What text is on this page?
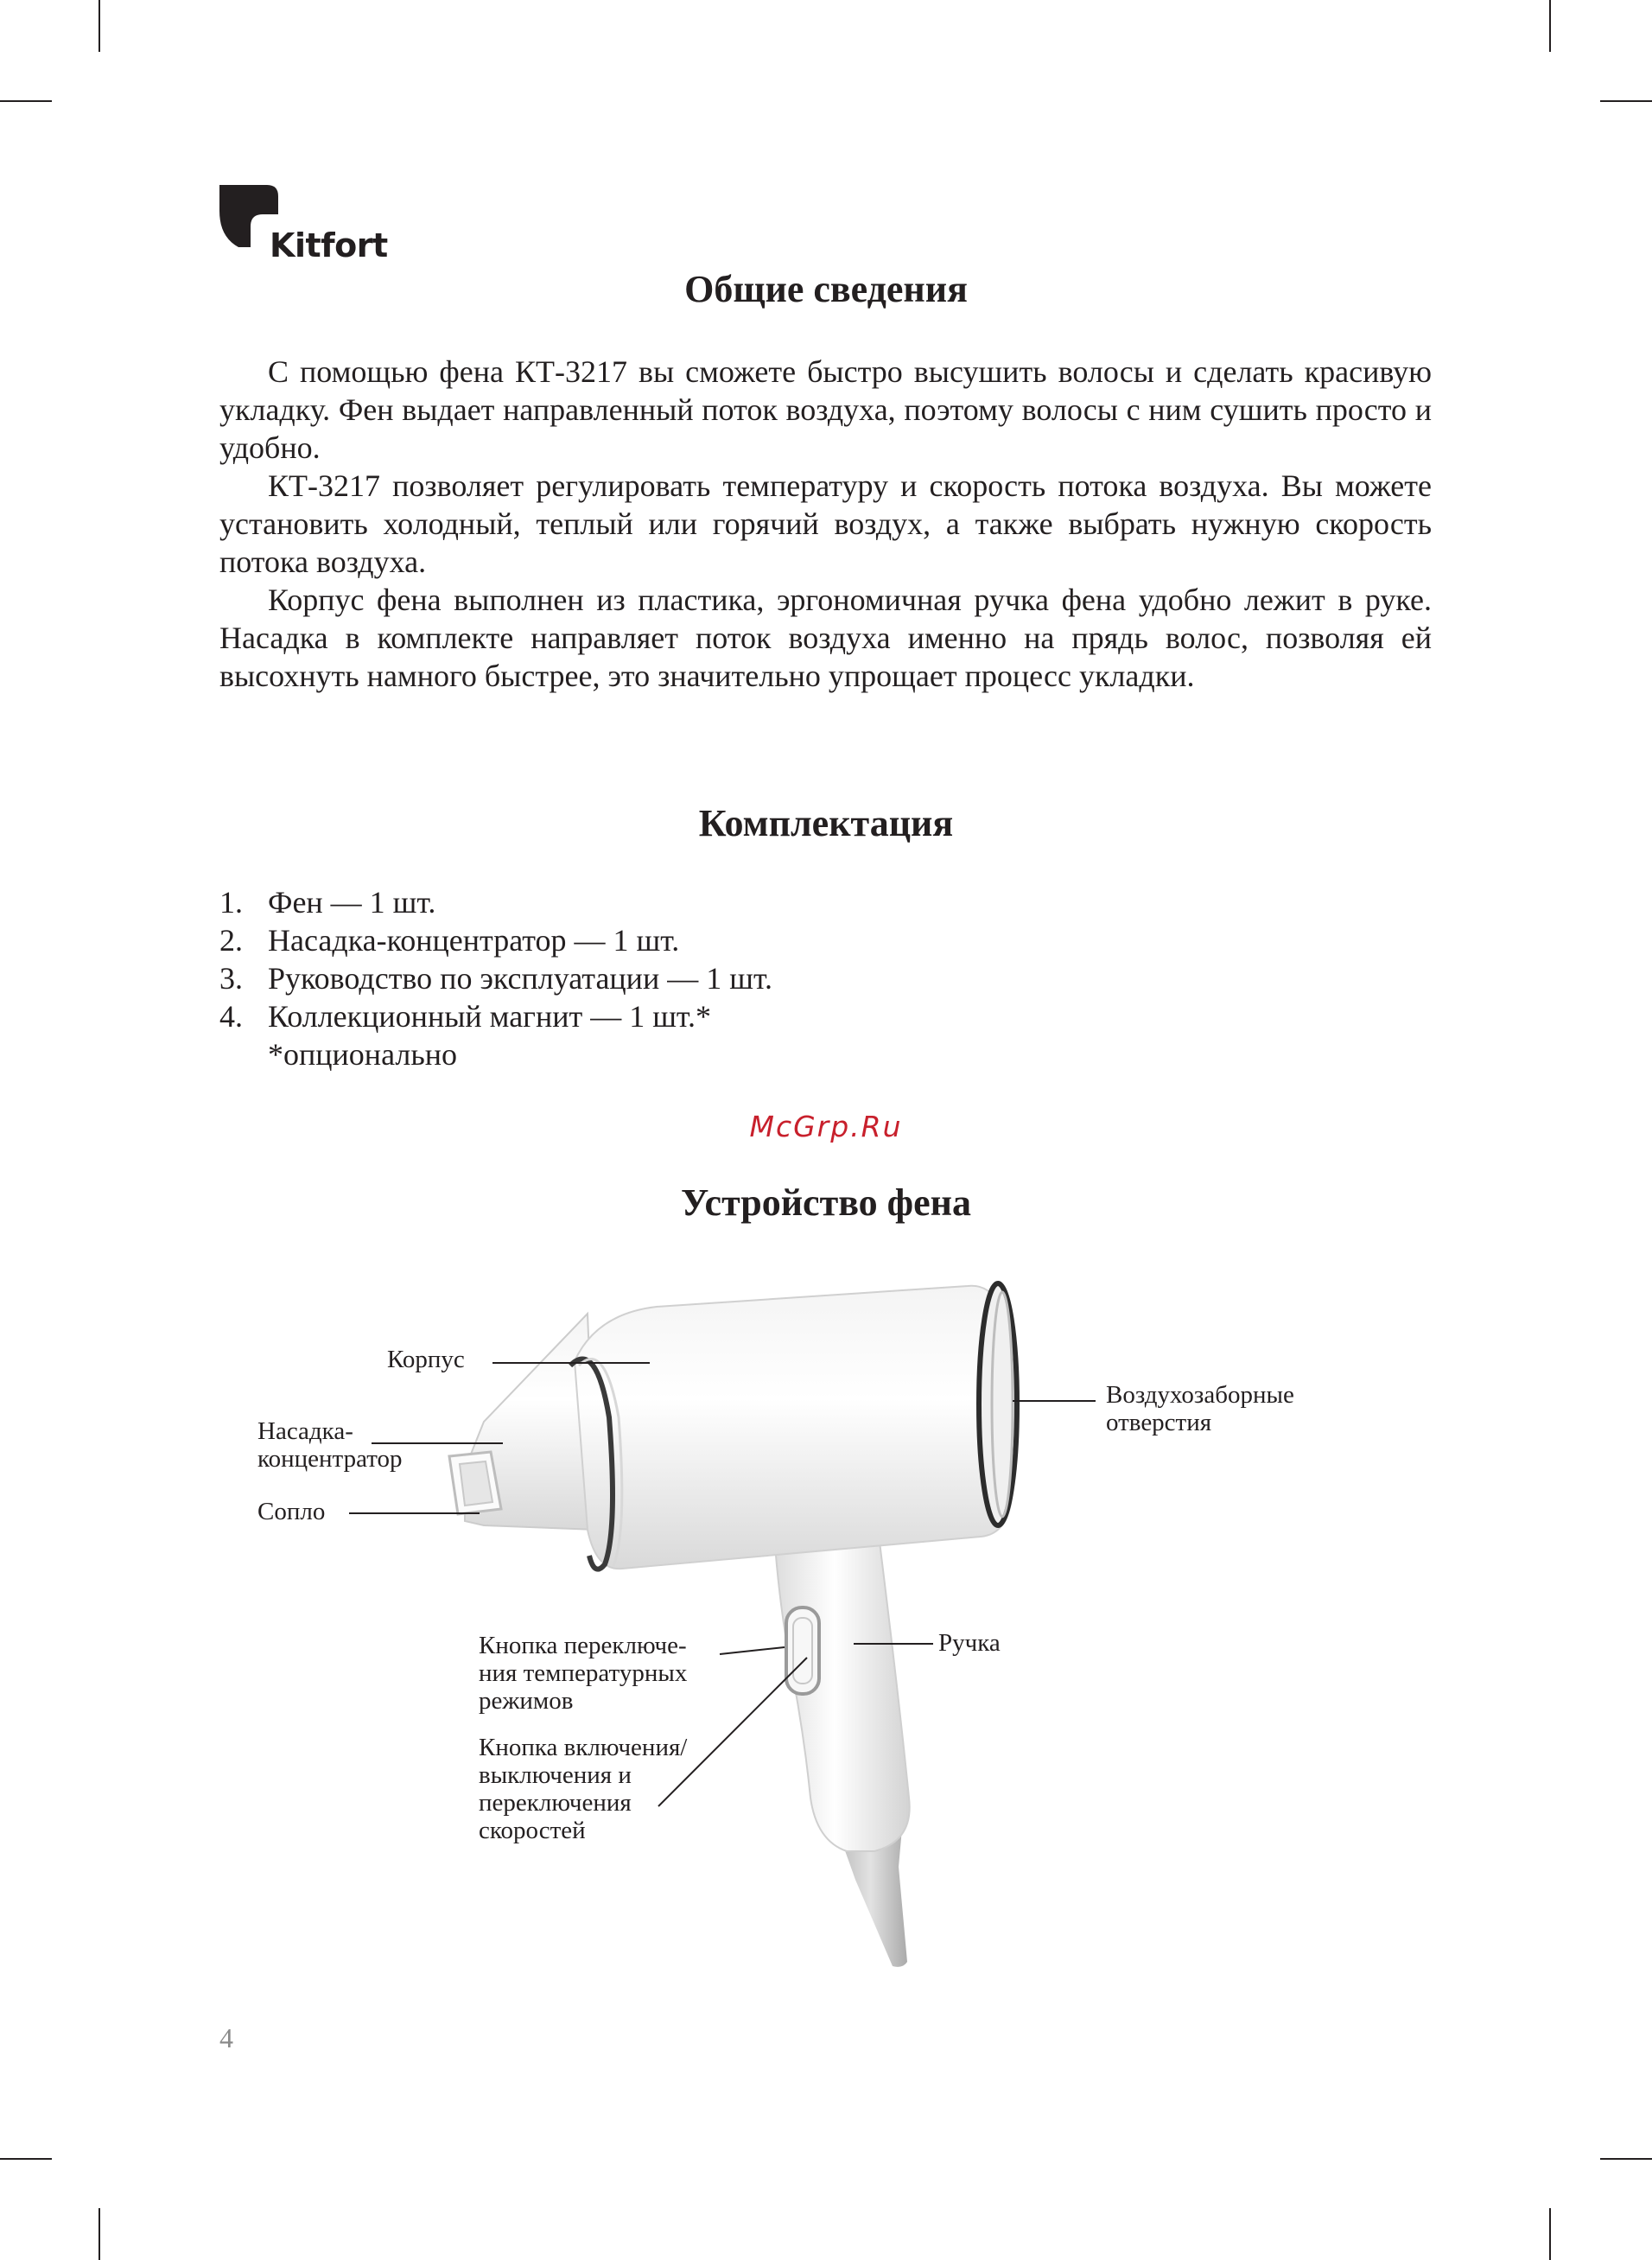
Kitfort
Общие сведения

С помощью фена КТ-3217 вы сможете быстро высушить волосы и сделать красивую укладку. Фен выдает направленный поток воздуха, поэтому волосы с ним сушить просто и удобно.

КТ-3217 позволяет регулировать температуру и скорость потока воздуха. Вы можете установить холодный, теплый или горячий воздух, а также выбрать нужную скорость потока воздуха.

Корпус фена выполнен из пластика, эргономичная ручка фена удобно лежит в руке. Насадка в комплекте направляет поток воздуха именно на прядь волос, позволяя ей высохнуть намного быстрее, это значительно упрощает процесс укладки.

Комплектация
1. Фен — 1 шт.
2. Насадка-концентратор — 1 шт.
3. Руководство по эксплуатации — 1 шт.
4. Коллекционный магнит — 1 шт.*
*опционально
McGrp.Ru
Устройство фена
Корпус
Насадка-
концентратор
Сопло
Воздухозаборные
отверстия
Ручка
Кнопка переключе-
ния температурных
режимов
Кнопка включения/
выключения и
переключения
скоростей
4
